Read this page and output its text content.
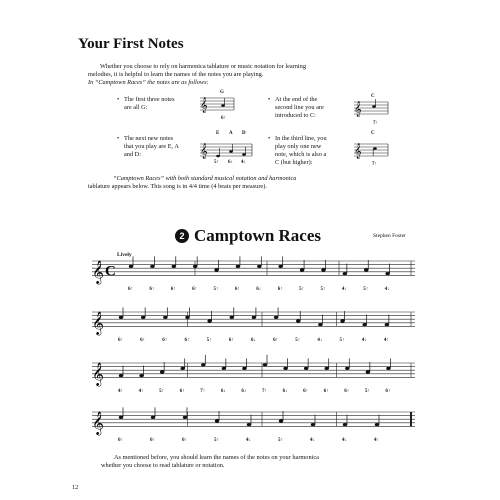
Your First Notes
Whether you choose to rely on harmonica tablature or music notation for learning
melodies, it is helpful to learn the names of the notes you are playing.
In “Camptown Races” the notes are as follows:
• The first three notes
are all G:	𝄞
G
6↑
• At the end of the
second line you are
introduced to C:	𝄞
C
7↑
• The next new notes
that you play are E, A
and D:	𝄞
E A D
5↑ 6↓ 4↓
• In the third line, you
play only one new
note, which is also a
C (but higher):
𝄞
C
7↑
“Camptown Races” with both standard musical notation and harmonica
tablature appears below. This song is in 4/4 time (4 beats per measure).
2 Camptown Races	Stephen Foster
Lively
𝄞 C
𝄞
𝄞
𝄞
6↑	6↑	6↑	6↑	5↑	6↑	6↓	6↑	5↑	5↑	4↓	5↑	4↓
6↑	6↑	6↑	6↑	5↑	6↑	6↓	6↑	5↑	4↓	5↑	4↓	4↑
4↑	4↑	5↑	6↑	7↑	6↓	6↓	7↑	6↓	6↑	6↑	6↑	5↑	6↑
6↑	6↑	6↑	5↑	4↓	5↑	4↓	4↓	4↑
As mentioned before, you should learn the names of the notes on your harmonica
whether you choose to read tablature or notation.
12
